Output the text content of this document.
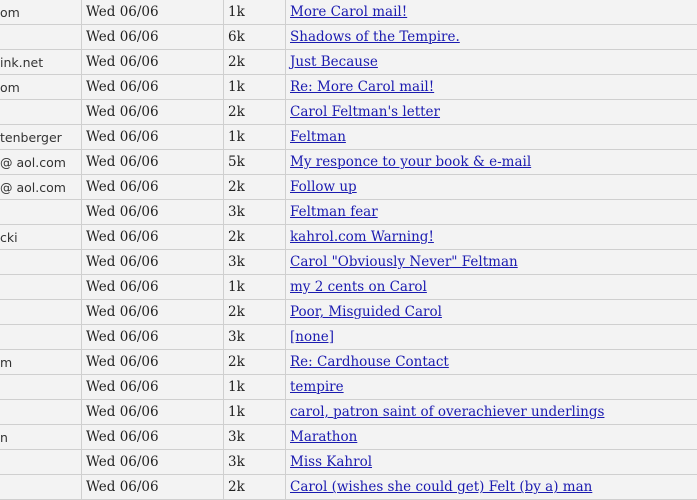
om	Wed 06/06	1k	More Carol mail!
	Wed 06/06	6k	Shadows of the Tempire.
ink.net	Wed 06/06	2k	Just Because
om	Wed 06/06	1k	Re: More Carol mail!
	Wed 06/06	2k	Carol Feltman's letter
tenberger	Wed 06/06	1k	Feltman
@ aol.com	Wed 06/06	5k	My responce to your book & e-mail
@ aol.com	Wed 06/06	2k	Follow up
	Wed 06/06	3k	Feltman fear
cki	Wed 06/06	2k	kahrol.com Warning!
	Wed 06/06	3k	Carol "Obviously Never" Feltman
	Wed 06/06	1k	my 2 cents on Carol
	Wed 06/06	2k	Poor, Misguided Carol
	Wed 06/06	3k	[none]
m	Wed 06/06	2k	Re: Cardhouse Contact
	Wed 06/06	1k	tempire
	Wed 06/06	1k	carol, patron saint of overachiever underlings
n	Wed 06/06	3k	Marathon
	Wed 06/06	3k	Miss Kahrol
	Wed 06/06	2k	Carol (wishes she could get) Felt (by a) man
